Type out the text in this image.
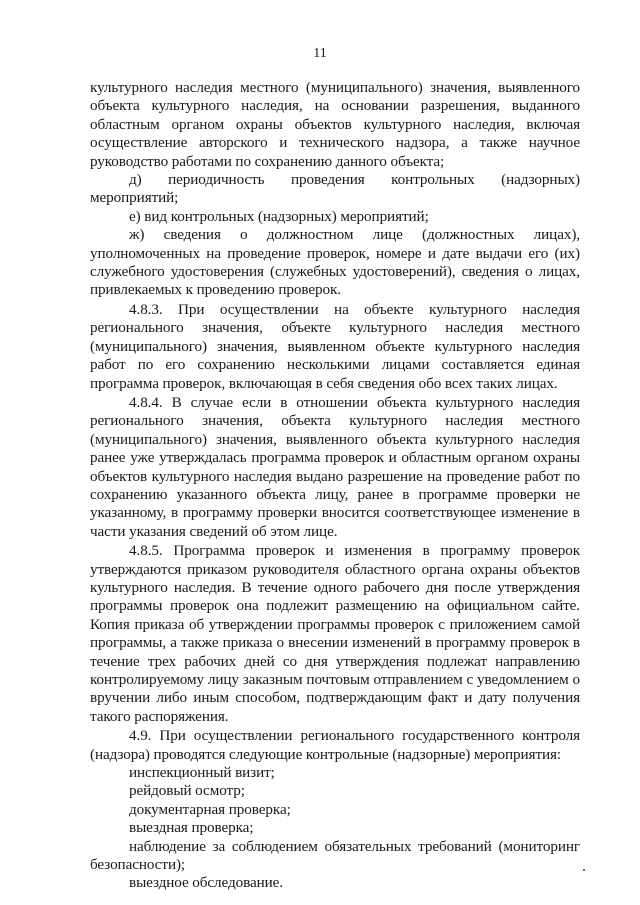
11

культурного наследия местного (муниципального) значения, выявленного объекта культурного наследия, на основании разрешения, выданного областным органом охраны объектов культурного наследия, включая осуществление авторского и технического надзора, а также научное руководство работами по сохранению данного объекта;

д) периодичность проведения контрольных (надзорных) мероприятий;

е) вид контрольных (надзорных) мероприятий;

ж) сведения о должностном лице (должностных лицах), уполномоченных на проведение проверок, номере и дате выдачи его (их) служебного удостоверения (служебных удостоверений), сведения о лицах, привлекаемых к проведению проверок.

4.8.3. При осуществлении на объекте культурного наследия регионального значения, объекте культурного наследия местного (муниципального) значения, выявленном объекте культурного наследия работ по его сохранению несколькими лицами составляется единая программа проверок, включающая в себя сведения обо всех таких лицах.

4.8.4. В случае если в отношении объекта культурного наследия регионального значения, объекта культурного наследия местного (муниципального) значения, выявленного объекта культурного наследия ранее уже утверждалась программа проверок и областным органом охраны объектов культурного наследия выдано разрешение на проведение работ по сохранению указанного объекта лицу, ранее в программе проверки не указанному, в программу проверки вносится соответствующее изменение в части указания сведений об этом лице.

4.8.5. Программа проверок и изменения в программу проверок утверждаются приказом руководителя областного органа охраны объектов культурного наследия. В течение одного рабочего дня после утверждения программы проверок она подлежит размещению на официальном сайте. Копия приказа об утверждении программы проверок с приложением самой программы, а также приказа о внесении изменений в программу проверок в течение трех рабочих дней со дня утверждения подлежат направлению контролируемому лицу заказным почтовым отправлением с уведомлением о вручении либо иным способом, подтверждающим факт и дату получения такого распоряжения.

4.9. При осуществлении регионального государственного контроля (надзора) проводятся следующие контрольные (надзорные) мероприятия:

инспекционный визит;

рейдовый осмотр;

документарная проверка;

выездная проверка;

наблюдение за соблюдением обязательных требований (мониторинг безопасности);

выездное обследование.
